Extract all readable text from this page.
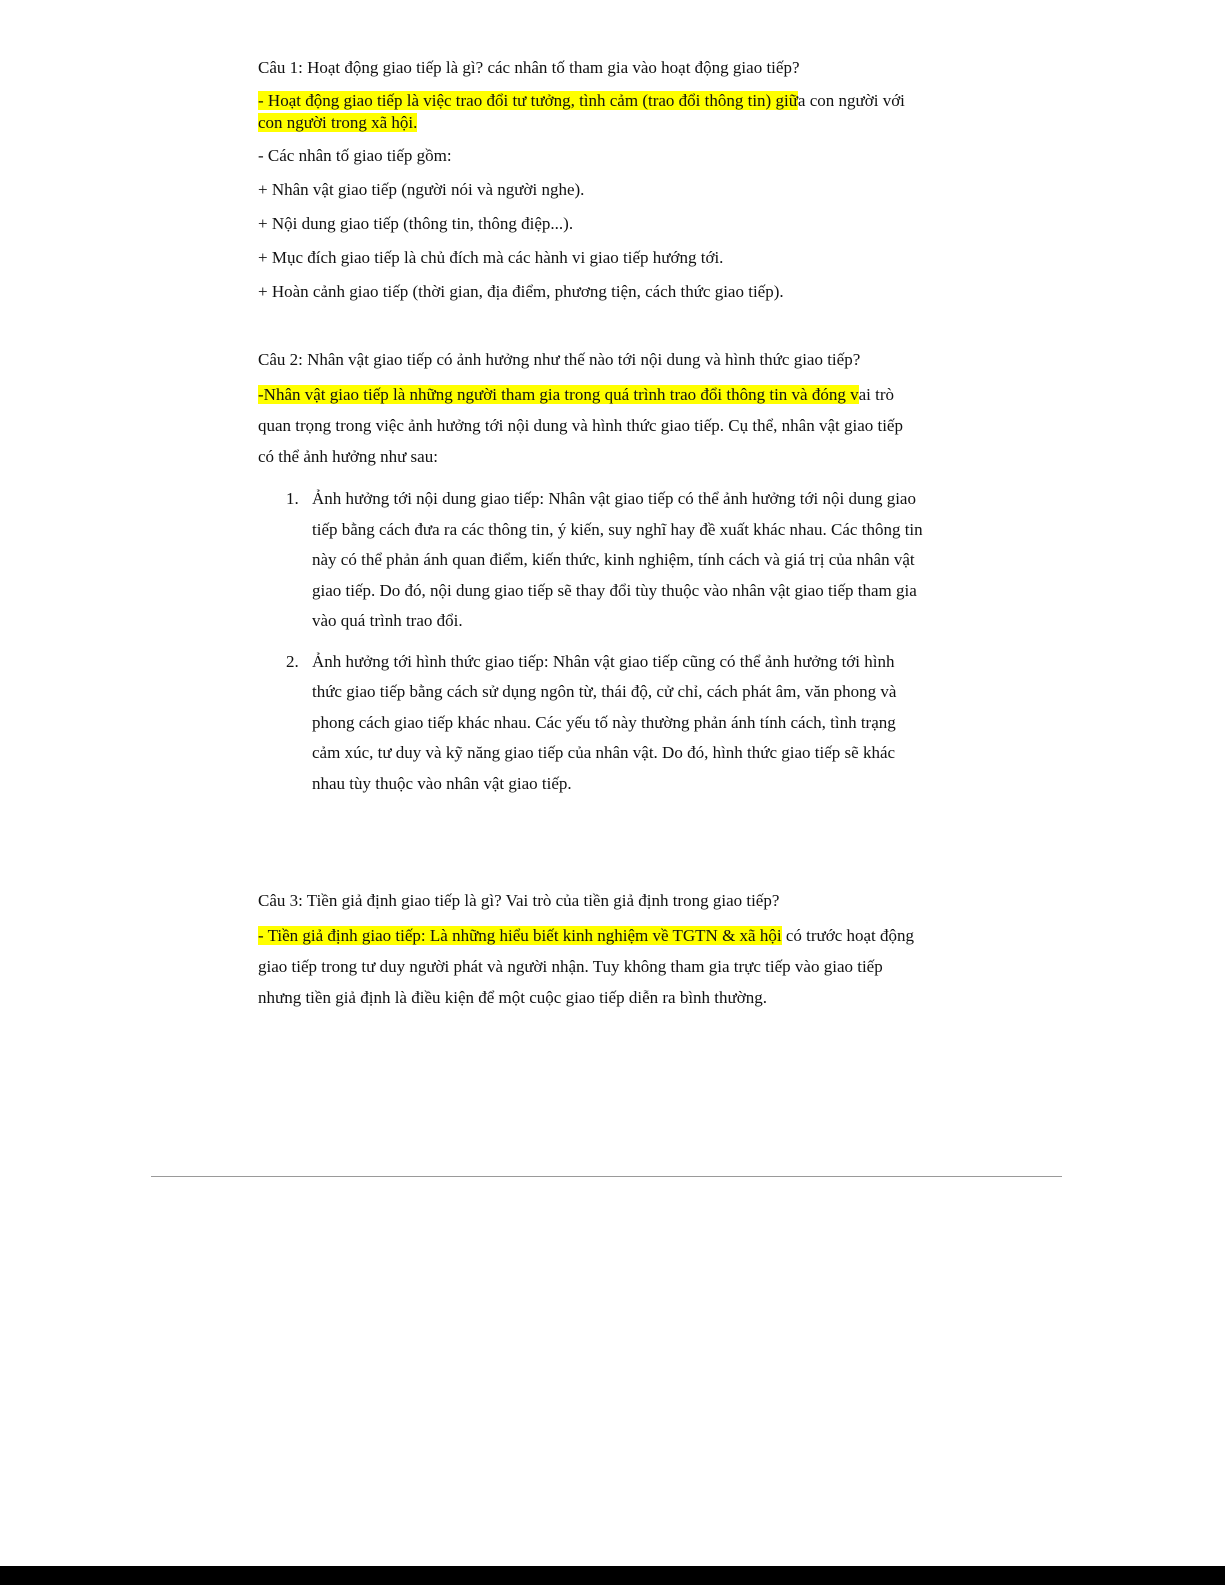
Câu 1: Hoạt động giao tiếp là gì? các nhân tố tham gia vào hoạt động giao tiếp?

- Hoạt động giao tiếp là việc trao đổi tư tưởng, tình cảm (trao đổi thông tin) giữa con người với

con người trong xã hội.

- Các nhân tố giao tiếp gồm:

+ Nhân vật giao tiếp (người nói và người nghe).

+ Nội dung giao tiếp (thông tin, thông điệp...).

+ Mục đích giao tiếp là chủ đích mà các hành vi giao tiếp hướng tới.

+ Hoàn cảnh giao tiếp (thời gian, địa điểm, phương tiện, cách thức giao tiếp).

Câu 2: Nhân vật giao tiếp có ảnh hưởng như thế nào tới nội dung và hình thức giao tiếp?

-Nhân vật giao tiếp là những người tham gia trong quá trình trao đổi thông tin và đóng vai trò

quan trọng trong việc ảnh hưởng tới nội dung và hình thức giao tiếp. Cụ thể, nhân vật giao tiếp

có thể ảnh hưởng như sau:

1. Ảnh hưởng tới nội dung giao tiếp: Nhân vật giao tiếp có thể ảnh hưởng tới nội dung giao

tiếp bằng cách đưa ra các thông tin, ý kiến, suy nghĩ hay đề xuất khác nhau. Các thông tin

này có thể phản ánh quan điểm, kiến thức, kinh nghiệm, tính cách và giá trị của nhân vật

giao tiếp. Do đó, nội dung giao tiếp sẽ thay đổi tùy thuộc vào nhân vật giao tiếp tham gia

vào quá trình trao đổi.

2. Ảnh hưởng tới hình thức giao tiếp: Nhân vật giao tiếp cũng có thể ảnh hưởng tới hình

thức giao tiếp bằng cách sử dụng ngôn từ, thái độ, cử chỉ, cách phát âm, văn phong và

phong cách giao tiếp khác nhau. Các yếu tố này thường phản ánh tính cách, tình trạng

cảm xúc, tư duy và kỹ năng giao tiếp của nhân vật. Do đó, hình thức giao tiếp sẽ khác

nhau tùy thuộc vào nhân vật giao tiếp.

Câu 3: Tiền giả định giao tiếp là gì? Vai trò của tiền giả định trong giao tiếp?

- Tiền giả định giao tiếp: Là những hiểu biết kinh nghiệm về TGTN & xã hội có trước hoạt động

giao tiếp trong tư duy người phát và người nhận. Tuy không tham gia trực tiếp vào giao tiếp

nhưng tiền giả định là điều kiện để một cuộc giao tiếp diễn ra bình thường.
